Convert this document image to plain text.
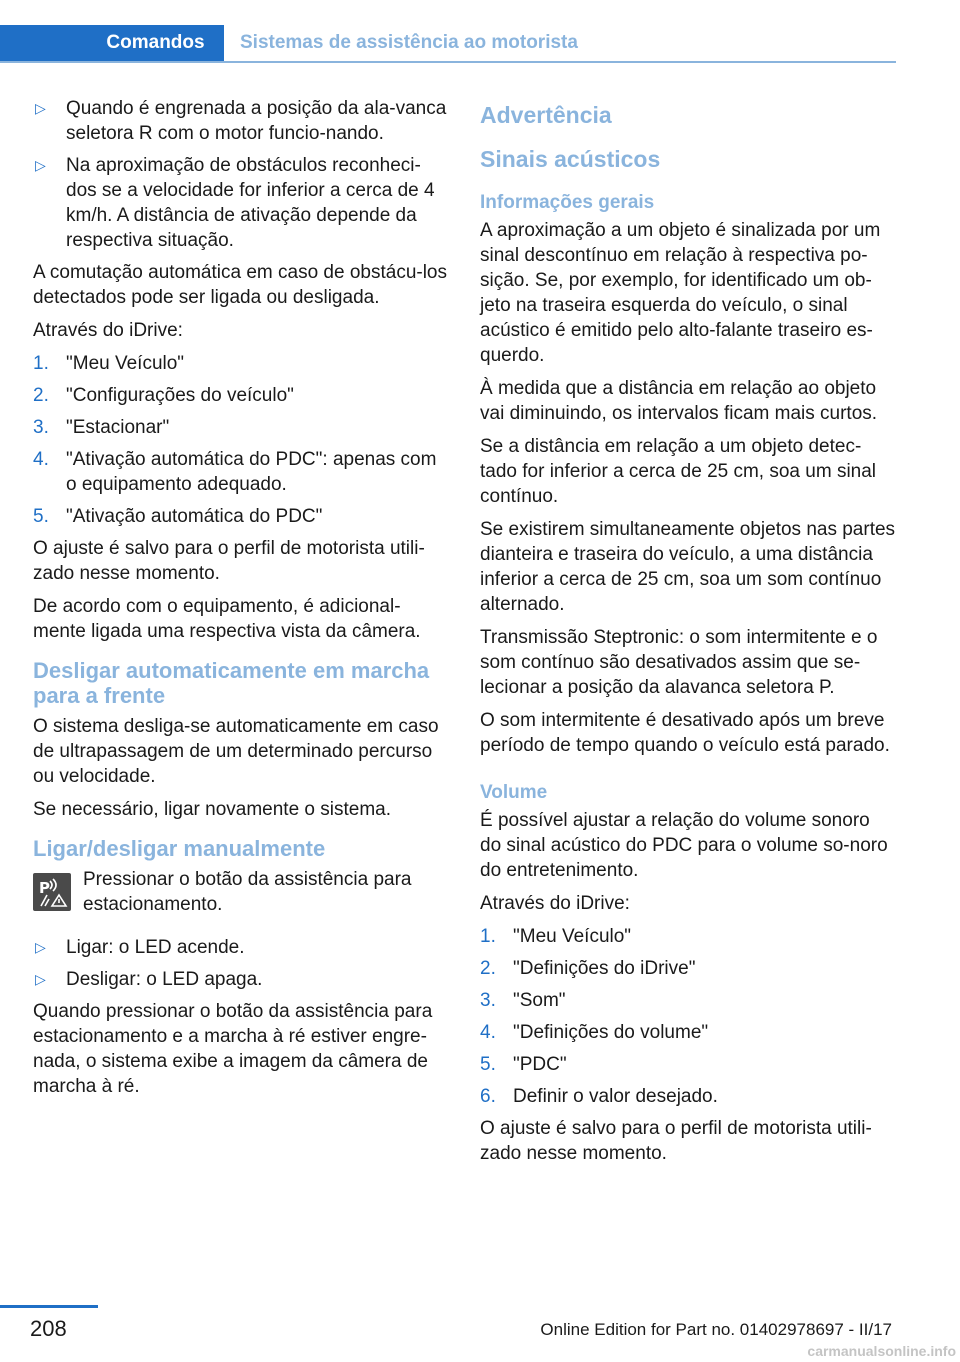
Comandos	Sistemas de assistência ao motorista
▷ Quando é engrenada a posição da ala-vanca seletora R com o motor funcio-nando.
▷ Na aproximação de obstáculos reconheci-dos se a velocidade for inferior a cerca de 4 km/h. A distância de ativação depende da respectiva situação.

A comutação automática em caso de obstácu-los detectados pode ser ligada ou desligada.

Através do iDrive:

1. "Meu Veículo"
2. "Configurações do veículo"
3. "Estacionar"
4. "Ativação automática do PDC": apenas com o equipamento adequado.
5. "Ativação automática do PDC"

O ajuste é salvo para o perfil de motorista utili-zado nesse momento.

De acordo com o equipamento, é adicional-mente ligada uma respectiva vista da câmera.

Desligar automaticamente em marcha para a frente

O sistema desliga-se automaticamente em caso de ultrapassagem de um determinado percurso ou velocidade.

Se necessário, ligar novamente o sistema.

Ligar/desligar manualmente
P	Pressionar o botão da assistência para estacionamento.

▷ Ligar: o LED acende.
▷ Desligar: o LED apaga.

Quando pressionar o botão da assistência para estacionamento e a marcha à ré estiver engre-nada, o sistema exibe a imagem da câmera de marcha à ré.

Advertência
Sinais acústicos
Informações gerais

A aproximação a um objeto é sinalizada por um sinal descontínuo em relação à respectiva po-sição. Se, por exemplo, for identificado um ob-jeto na traseira esquerda do veículo, o sinal acústico é emitido pelo alto-falante traseiro es-querdo.

À medida que a distância em relação ao objeto vai diminuindo, os intervalos ficam mais curtos.

Se a distância em relação a um objeto detec-tado for inferior a cerca de 25 cm, soa um sinal contínuo.

Se existirem simultaneamente objetos nas partes dianteira e traseira do veículo, a uma distância inferior a cerca de 25 cm, soa um som contínuo alternado.

Transmissão Steptronic: o som intermitente e o som contínuo são desativados assim que se-lecionar a posição da alavanca seletora P.

O som intermitente é desativado após um breve período de tempo quando o veículo está parado.

Volume

É possível ajustar a relação do volume sonoro do sinal acústico do PDC para o volume so-noro do entretenimento.

Através do iDrive:

1. "Meu Veículo"
2. "Definições do iDrive"
3. "Som"
4. "Definições do volume"
5. "PDC"
6. Definir o valor desejado.

O ajuste é salvo para o perfil de motorista utili-zado nesse momento.

208	Online Edition for Part no. 01402978697 - II/17
carmanualsonline.info
